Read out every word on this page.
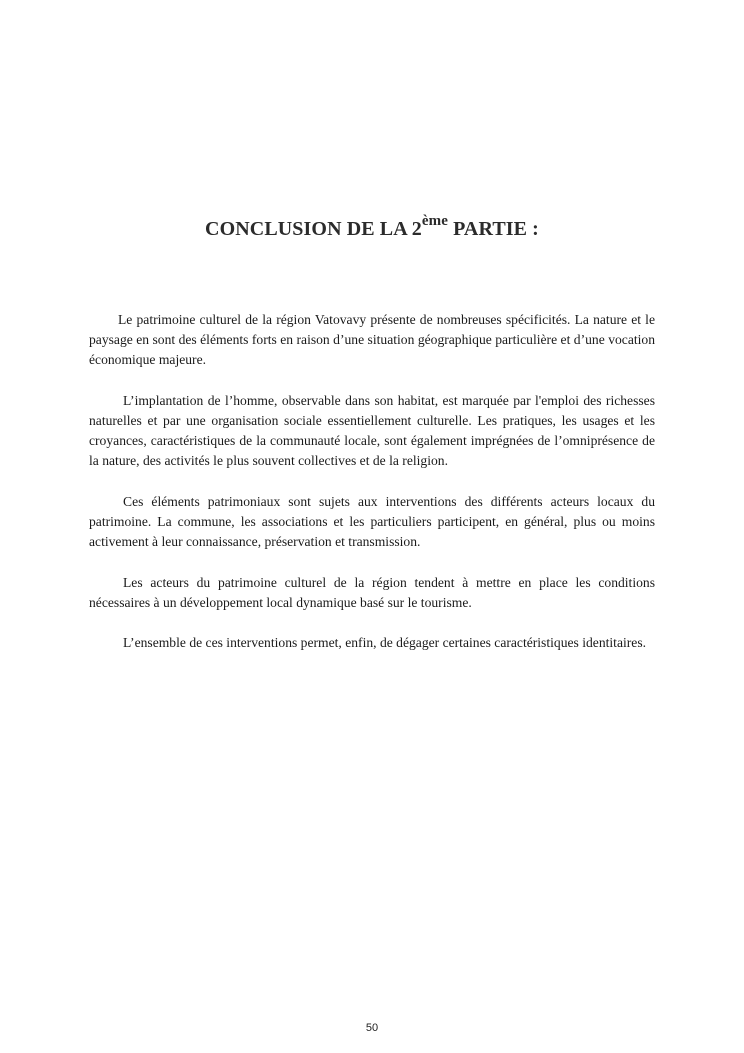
CONCLUSION DE LA 2ème PARTIE :

Le patrimoine culturel de la région Vatovavy présente de nombreuses spécificités. La nature et le paysage en sont des éléments forts en raison d’une situation géographique particulière et d’une vocation économique majeure.

L’implantation de l’homme, observable dans son habitat, est marquée par l'emploi des richesses naturelles et par une organisation sociale essentiellement culturelle. Les pratiques, les usages et les croyances, caractéristiques de la communauté locale, sont également imprégnées de l’omniprésence de la nature, des activités le plus souvent collectives et de la religion.

Ces éléments patrimoniaux sont sujets aux interventions des différents acteurs locaux du patrimoine. La commune, les associations et les particuliers participent, en général, plus ou moins activement à leur connaissance, préservation et transmission.

Les acteurs du patrimoine culturel de la région tendent à mettre en place les conditions nécessaires à un développement local dynamique basé sur le tourisme.

L’ensemble de ces interventions permet, enfin, de dégager certaines caractéristiques identitaires.

50
